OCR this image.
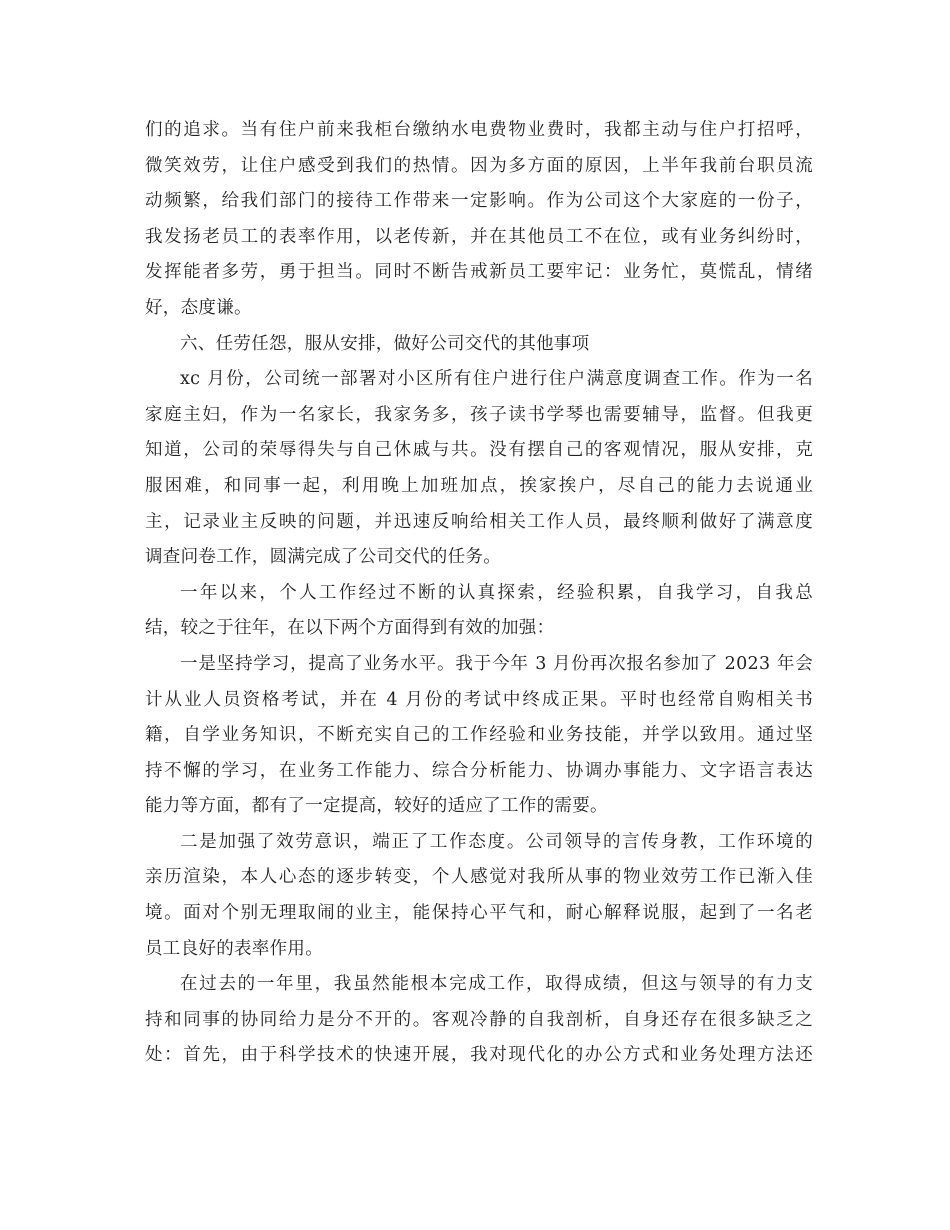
们的追求。当有住户前来我柜台缴纳水电费物业费时，我都主动与住户打招呼，
微笑效劳，让住户感受到我们的热情。因为多方面的原因，上半年我前台职员流
动频繁，给我们部门的接待工作带来一定影响。作为公司这个大家庭的一份子，
我发扬老员工的表率作用，以老传新，并在其他员工不在位，或有业务纠纷时，
发挥能者多劳，勇于担当。同时不断告戒新员工要牢记：业务忙，莫慌乱，情绪
好，态度谦。
六、任劳任怨，服从安排，做好公司交代的其他事项
xc 月份，公司统一部署对小区所有住户进行住户满意度调查工作。作为一名
家庭主妇，作为一名家长，我家务多，孩子读书学琴也需要辅导，监督。但我更
知道，公司的荣辱得失与自己休戚与共。没有摆自己的客观情况，服从安排，克
服困难，和同事一起，利用晚上加班加点，挨家挨户，尽自己的能力去说通业
主，记录业主反映的问题，并迅速反响给相关工作人员，最终顺利做好了满意度
调查问卷工作，圆满完成了公司交代的任务。
一年以来，个人工作经过不断的认真探索，经验积累，自我学习，自我总
结，较之于往年，在以下两个方面得到有效的加强：
一是坚持学习，提高了业务水平。我于今年 3 月份再次报名参加了 2023 年会
计从业人员资格考试，并在 4 月份的考试中终成正果。平时也经常自购相关书
籍，自学业务知识，不断充实自己的工作经验和业务技能，并学以致用。通过坚
持不懈的学习，在业务工作能力、综合分析能力、协调办事能力、文字语言表达
能力等方面，都有了一定提高，较好的适应了工作的需要。
二是加强了效劳意识，端正了工作态度。公司领导的言传身教，工作环境的
亲历渲染，本人心态的逐步转变，个人感觉对我所从事的物业效劳工作已渐入佳
境。面对个别无理取闹的业主，能保持心平气和，耐心解释说服，起到了一名老
员工良好的表率作用。
在过去的一年里，我虽然能根本完成工作，取得成绩，但这与领导的有力支
持和同事的协同给力是分不开的。客观冷静的自我剖析，自身还存在很多缺乏之
处：首先，由于科学技术的快速开展，我对现代化的办公方式和业务处理方法还
